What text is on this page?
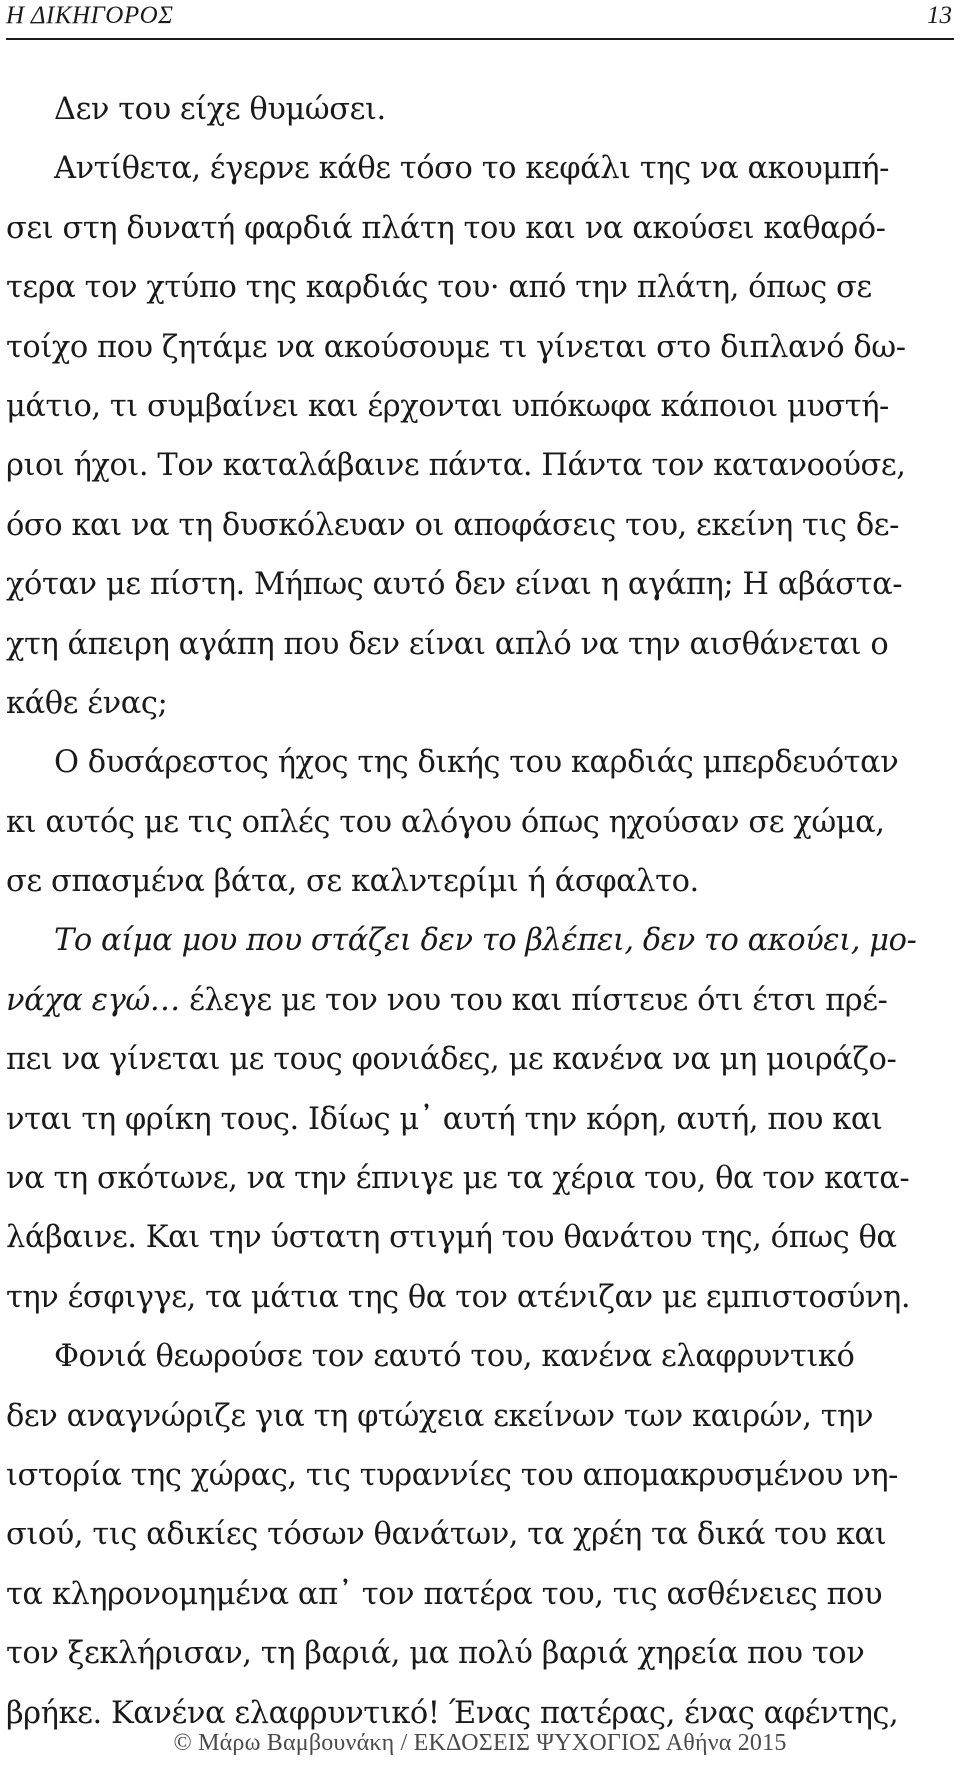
Η ΔΙΚΗΓΟΡΟΣ	13
Δεν του είχε θυμώσει.
Αντίθετα, έγερνε κάθε τόσο το κεφάλι της να ακουμπή-
σει στη δυνατή φαρδιά πλάτη του και να ακούσει καθαρό-
τερα τον χτύπο της καρδιάς του· από την πλάτη, όπως σε
τοίχο που ζητάμε να ακούσουμε τι γίνεται στο διπλανό δω-
μάτιο, τι συμβαίνει και έρχονται υπόκωφα κάποιοι μυστή-
ριοι ήχοι. Τον καταλάβαινε πάντα. Πάντα τον κατανοούσε,
όσο και να τη δυσκόλευαν οι αποφάσεις του, εκείνη τις δε-
χόταν με πίστη. Μήπως αυτό δεν είναι η αγάπη; Η αβάστα-
χτη άπειρη αγάπη που δεν είναι απλό να την αισθάνεται ο
κάθε ένας;
Ο δυσάρεστος ήχος της δικής του καρδιάς μπερδευόταν
κι αυτός με τις οπλές του αλόγου όπως ηχούσαν σε χώμα,
σε σπασμένα βάτα, σε καλντερίμι ή άσφαλτο.
Το αίμα μου που στάζει δεν το βλέπει, δεν το ακούει, μο-
νάχα εγώ… έλεγε με τον νου του και πίστευε ότι έτσι πρέ-
πει να γίνεται με τους φονιάδες, με κανένα να μη μοιράζο-
νται τη φρίκη τους. Ιδίως μ᾽ αυτή την κόρη, αυτή, που και
να τη σκότωνε, να την έπνιγε με τα χέρια του, θα τον κατα-
λάβαινε. Και την ύστατη στιγμή του θανάτου της, όπως θα
την έσφιγγε, τα μάτια της θα τον ατένιζαν με εμπιστοσύνη.
Φονιά θεωρούσε τον εαυτό του, κανένα ελαφρυντικό
δεν αναγνώριζε για τη φτώχεια εκείνων των καιρών, την
ιστορία της χώρας, τις τυραννίες του απομακρυσμένου νη-
σιού, τις αδικίες τόσων θανάτων, τα χρέη τα δικά του και
τα κληρονομημένα απ᾽ τον πατέρα του, τις ασθένειες που
τον ξεκλήρισαν, τη βαριά, μα πολύ βαριά χηρεία που τον
βρήκε. Κανένα ελαφρυντικό! Ένας πατέρας, ένας αφέντης,
© Μάρω Βαμβουνάκη / ΕΚΔΟΣΕΙΣ ΨΥΧΟΓΙΟΣ Αθήνα 2015
